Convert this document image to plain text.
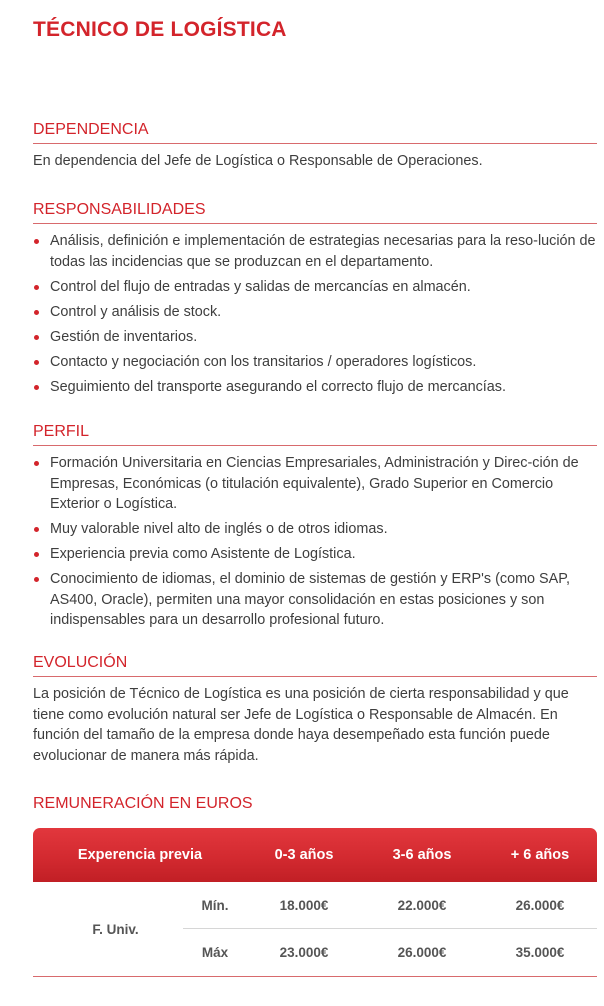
TÉCNICO DE LOGÍSTICA
DEPENDENCIA

En dependencia del Jefe de Logística o Responsable de Operaciones.

RESPONSABILIDADES
Análisis, definición e implementación de estrategias necesarias para la reso-lución de todas las incidencias que se produzcan en el departamento.
Control del flujo de entradas y salidas de mercancías en almacén.
Control y análisis de stock.
Gestión de inventarios.
Contacto y negociación con los transitarios / operadores logísticos.
Seguimiento del transporte asegurando el correcto flujo de mercancías.
PERFIL
Formación Universitaria en Ciencias Empresariales, Administración y Direc-ción de Empresas, Económicas (o titulación equivalente), Grado Superior en Comercio Exterior o Logística.
Muy valorable nivel alto de inglés o de otros idiomas.
Experiencia previa como Asistente de Logística.
Conocimiento de idiomas, el dominio de sistemas de gestión y ERP's (como SAP, AS400, Oracle), permiten una mayor consolidación en estas posiciones y son indispensables para un desarrollo profesional futuro.
EVOLUCIÓN

La posición de Técnico de Logística es una posición de cierta responsabilidad y que tiene como evolución natural ser Jefe de Logística o Responsable de Almacén. En función del tamaño de la empresa donde haya desempeñado esta función puede evolucionar de manera más rápida.

REMUNERACIÓN EN EUROS
Experencia previa	0-3 años	3-6 años	+ 6 años
F. Univ.
Mín.	18.000€	22.000€	26.000€
Máx	23.000€	26.000€	35.000€
